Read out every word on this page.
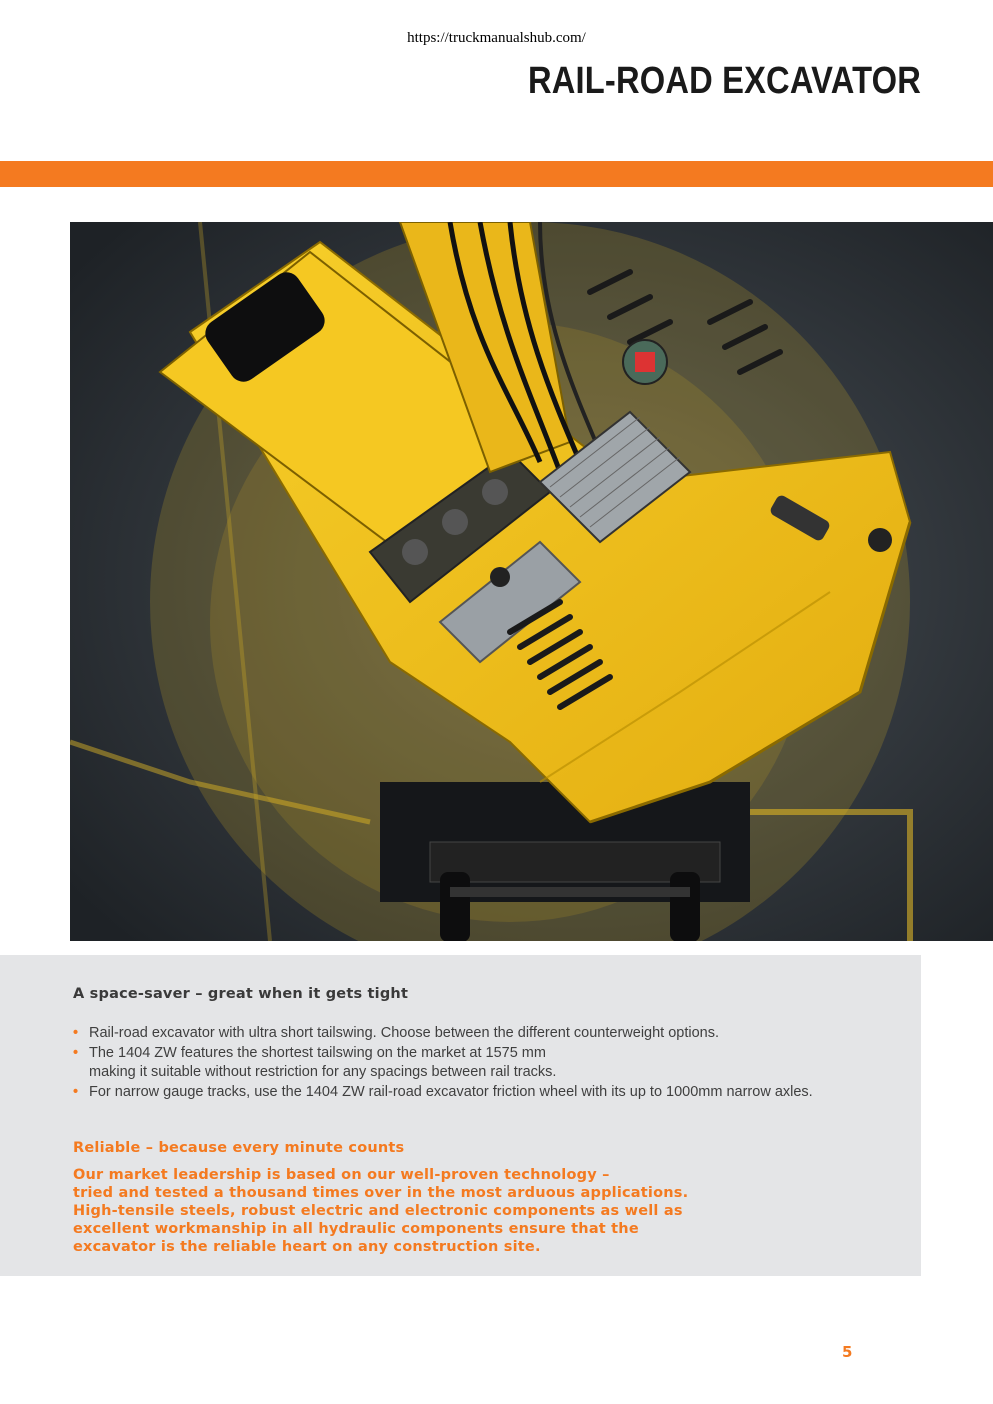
https://truckmanualshub.com/
RAIL-ROAD EXCAVATOR
A space-saver – great when it gets tight
• Rail-road excavator with ultra short tailswing. Choose between the different counterweight options.
• The 1404 ZW features the shortest tailswing on the market at 1575 mm
making it suitable without restriction for any spacings between rail tracks.
• For narrow gauge tracks, use the 1404 ZW rail-road excavator friction wheel with its up to 1000mm narrow axles.
Reliable – because every minute counts
Our market leadership is based on our well-proven technology –
tried and tested a thousand times over in the most arduous applications.
High-tensile steels, robust electric and electronic components as well as
excellent workmanship in all hydraulic components ensure that the
excavator is the reliable heart on any construction site.
5
